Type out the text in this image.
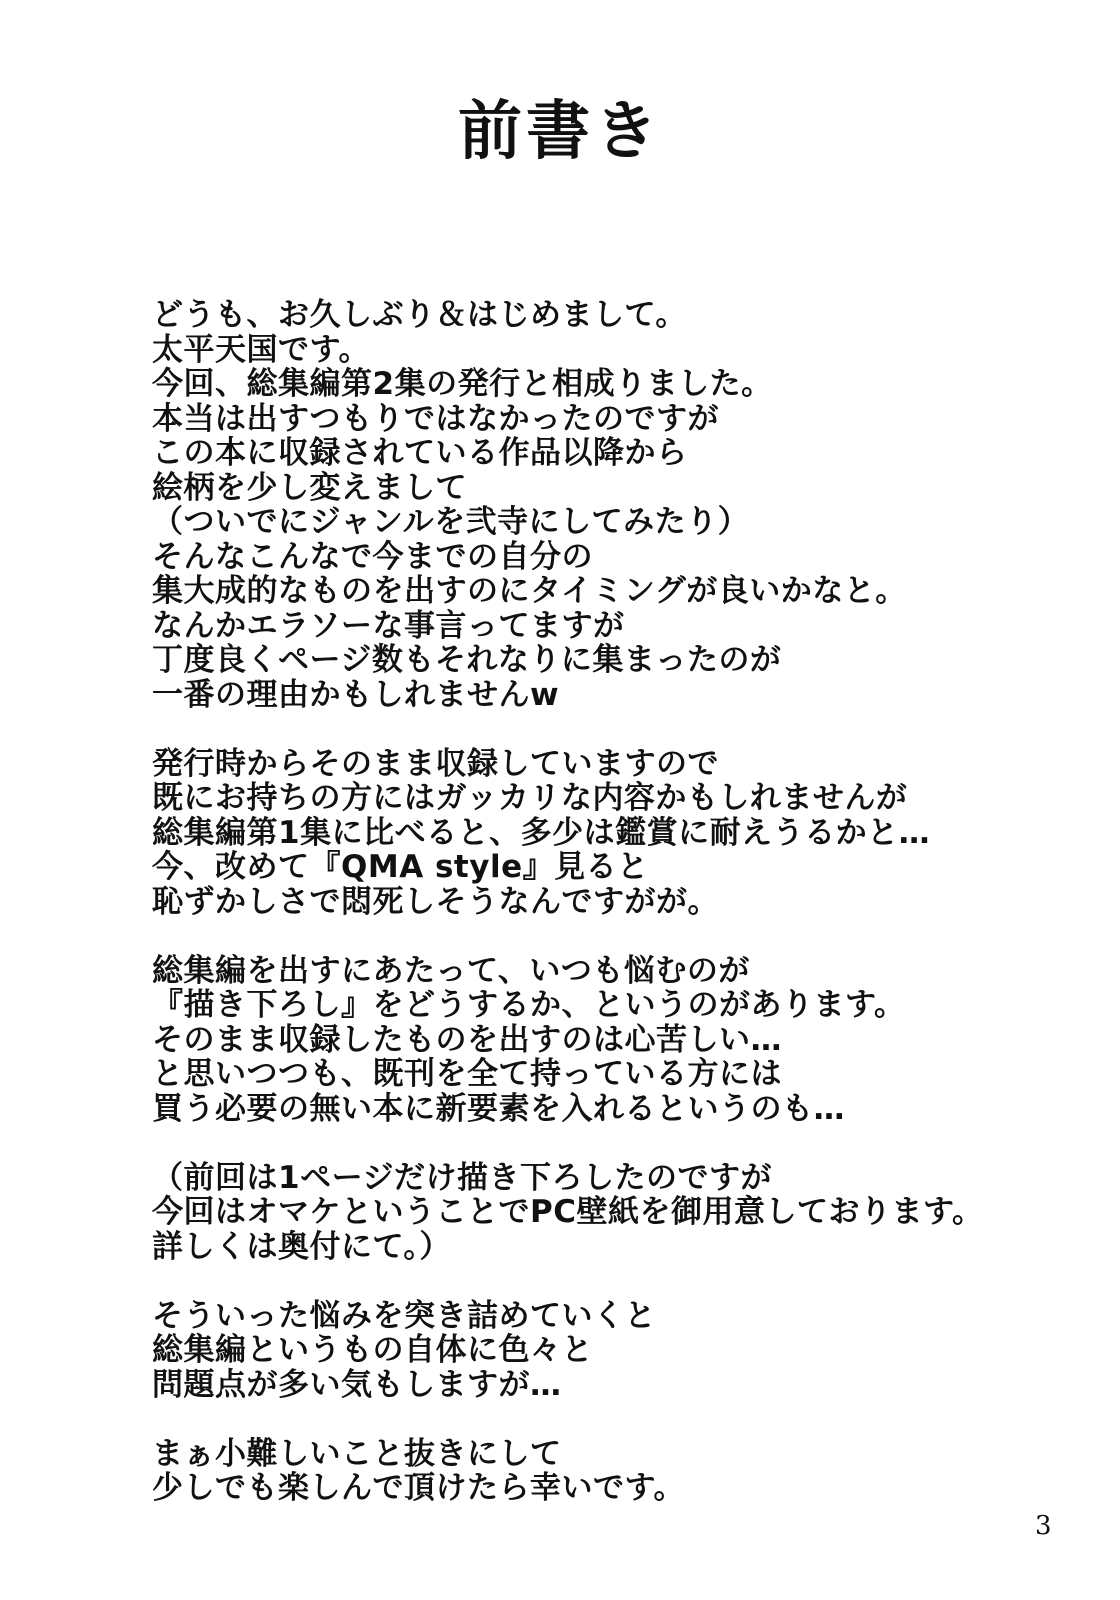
前書き
どうも、お久しぶり＆はじめまして。
太平天国です。
今回、総集編第2集の発行と相成りました。
本当は出すつもりではなかったのですが
この本に収録されている作品以降から
絵柄を少し変えまして
（ついでにジャンルを弐寺にしてみたり）
そんなこんなで今までの自分の
集大成的なものを出すのにタイミングが良いかなと。
なんかエラソーな事言ってますが
丁度良くページ数もそれなりに集まったのが
一番の理由かもしれませんw
発行時からそのまま収録していますので
既にお持ちの方にはガッカリな内容かもしれませんが
総集編第1集に比べると、多少は鑑賞に耐えうるかと…
今、改めて『QMA style』見ると
恥ずかしさで悶死しそうなんですがが。
総集編を出すにあたって、いつも悩むのが
『描き下ろし』をどうするか、というのがあります。
そのまま収録したものを出すのは心苦しい…
と思いつつも、既刊を全て持っている方には
買う必要の無い本に新要素を入れるというのも…
（前回は1ページだけ描き下ろしたのですが
今回はオマケということでPC壁紙を御用意しております。
詳しくは奥付にて。）
そういった悩みを突き詰めていくと
総集編というもの自体に色々と
問題点が多い気もしますが…
まぁ小難しいこと抜きにして
少しでも楽しんで頂けたら幸いです。
3
